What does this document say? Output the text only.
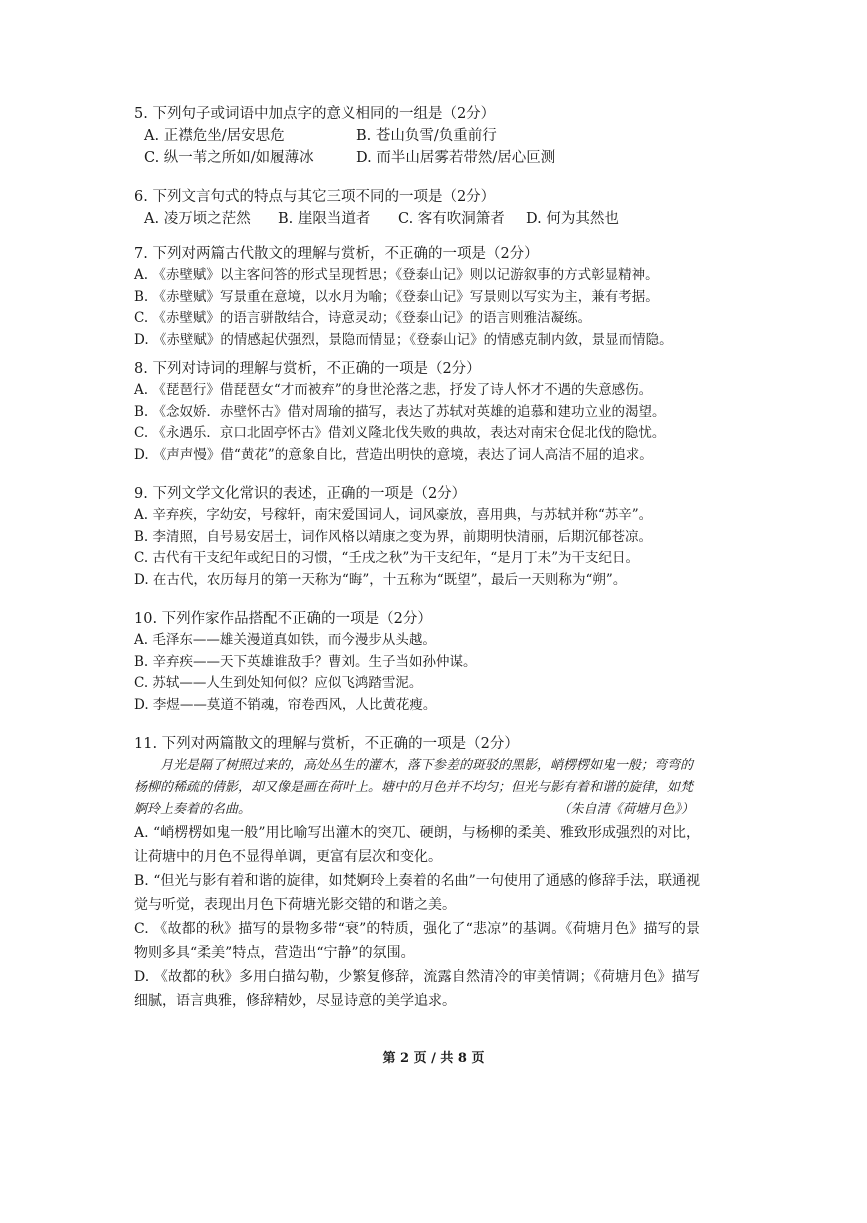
5. 下列句子或词语中加点字的意义相同的一组是（2分）
A. 正襟危坐/居安思危	B. 苍山负雪/负重前行
C. 纵一苇之所如/如履薄冰	D. 而半山居雾若带然/居心叵测
6. 下列文言句式的特点与其它三项不同的一项是（2分）
A. 凌万顷之茫然 B. 崖限当道者 C. 客有吹洞箫者 D. 何为其然也
7. 下列对两篇古代散文的理解与赏析，不正确的一项是（2分）
A. 《赤壁赋》以主客问答的形式呈现哲思；《登泰山记》则以记游叙事的方式彰显精神。
B. 《赤壁赋》写景重在意境，以水月为喻；《登泰山记》写景则以写实为主，兼有考据。
C. 《赤壁赋》的语言骈散结合，诗意灵动；《登泰山记》的语言则雅洁凝练。
D. 《赤壁赋》的情感起伏强烈，景隐而情显；《登泰山记》的情感克制内敛，景显而情隐。
8. 下列对诗词的理解与赏析，不正确的一项是（2分）
A. 《琵琶行》借琵琶女“才而被弃”的身世沦落之悲，抒发了诗人怀才不遇的失意感伤。
B. 《念奴娇．赤壁怀古》借对周瑜的描写，表达了苏轼对英雄的追慕和建功立业的渴望。
C. 《永遇乐．京口北固亭怀古》借刘义隆北伐失败的典故，表达对南宋仓促北伐的隐忧。
D. 《声声慢》借“黄花”的意象自比，营造出明快的意境，表达了词人高洁不屈的追求。
9. 下列文学文化常识的表述，正确的一项是（2分）
A. 辛弃疾，字幼安，号稼轩，南宋爱国词人，词风豪放，喜用典，与苏轼并称“苏辛”。
B. 李清照，自号易安居士，词作风格以靖康之变为界，前期明快清丽，后期沉郁苍凉。
C. 古代有干支纪年或纪日的习惯，“壬戌之秋”为干支纪年，“是月丁未”为干支纪日。
D. 在古代，农历每月的第一天称为“晦”，十五称为“既望”，最后一天则称为“朔”。
10. 下列作家作品搭配不正确的一项是（2分）
A. 毛泽东——雄关漫道真如铁，而今漫步从头越。
B. 辛弃疾——天下英雄谁敌手？曹刘。生子当如孙仲谋。
C. 苏轼——人生到处知何似？应似飞鸿踏雪泥。
D. 李煜——莫道不销魂，帘卷西风，人比黄花瘦。
11. 下列对两篇散文的理解与赏析，不正确的一项是（2分）
月光是隔了树照过来的，高处丛生的灌木，落下参差的斑驳的黑影，峭楞楞如鬼一般；弯弯的杨柳的稀疏的倩影，却又像是画在荷叶上。塘中的月色并不均匀；但光与影有着和谐的旋律，如梵婀玲上奏着的名曲。	（朱自清《荷塘月色》）
A. “峭楞楞如鬼一般”用比喻写出灌木的突兀、硬朗，与杨柳的柔美、雅致形成强烈的对比，让荷塘中的月色不显得单调，更富有层次和变化。
B. “但光与影有着和谐的旋律，如梵婀玲上奏着的名曲”一句使用了通感的修辞手法，联通视觉与听觉，表现出月色下荷塘光影交错的和谐之美。
C. 《故都的秋》描写的景物多带“衰”的特质，强化了“悲凉”的基调。《荷塘月色》描写的景物则多具“柔美”特点，营造出“宁静”的氛围。
D. 《故都的秋》多用白描勾勒，少繁复修辞，流露自然清冷的审美情调；《荷塘月色》描写细腻，语言典雅，修辞精妙，尽显诗意的美学追求。
第 2 页 / 共 8 页
